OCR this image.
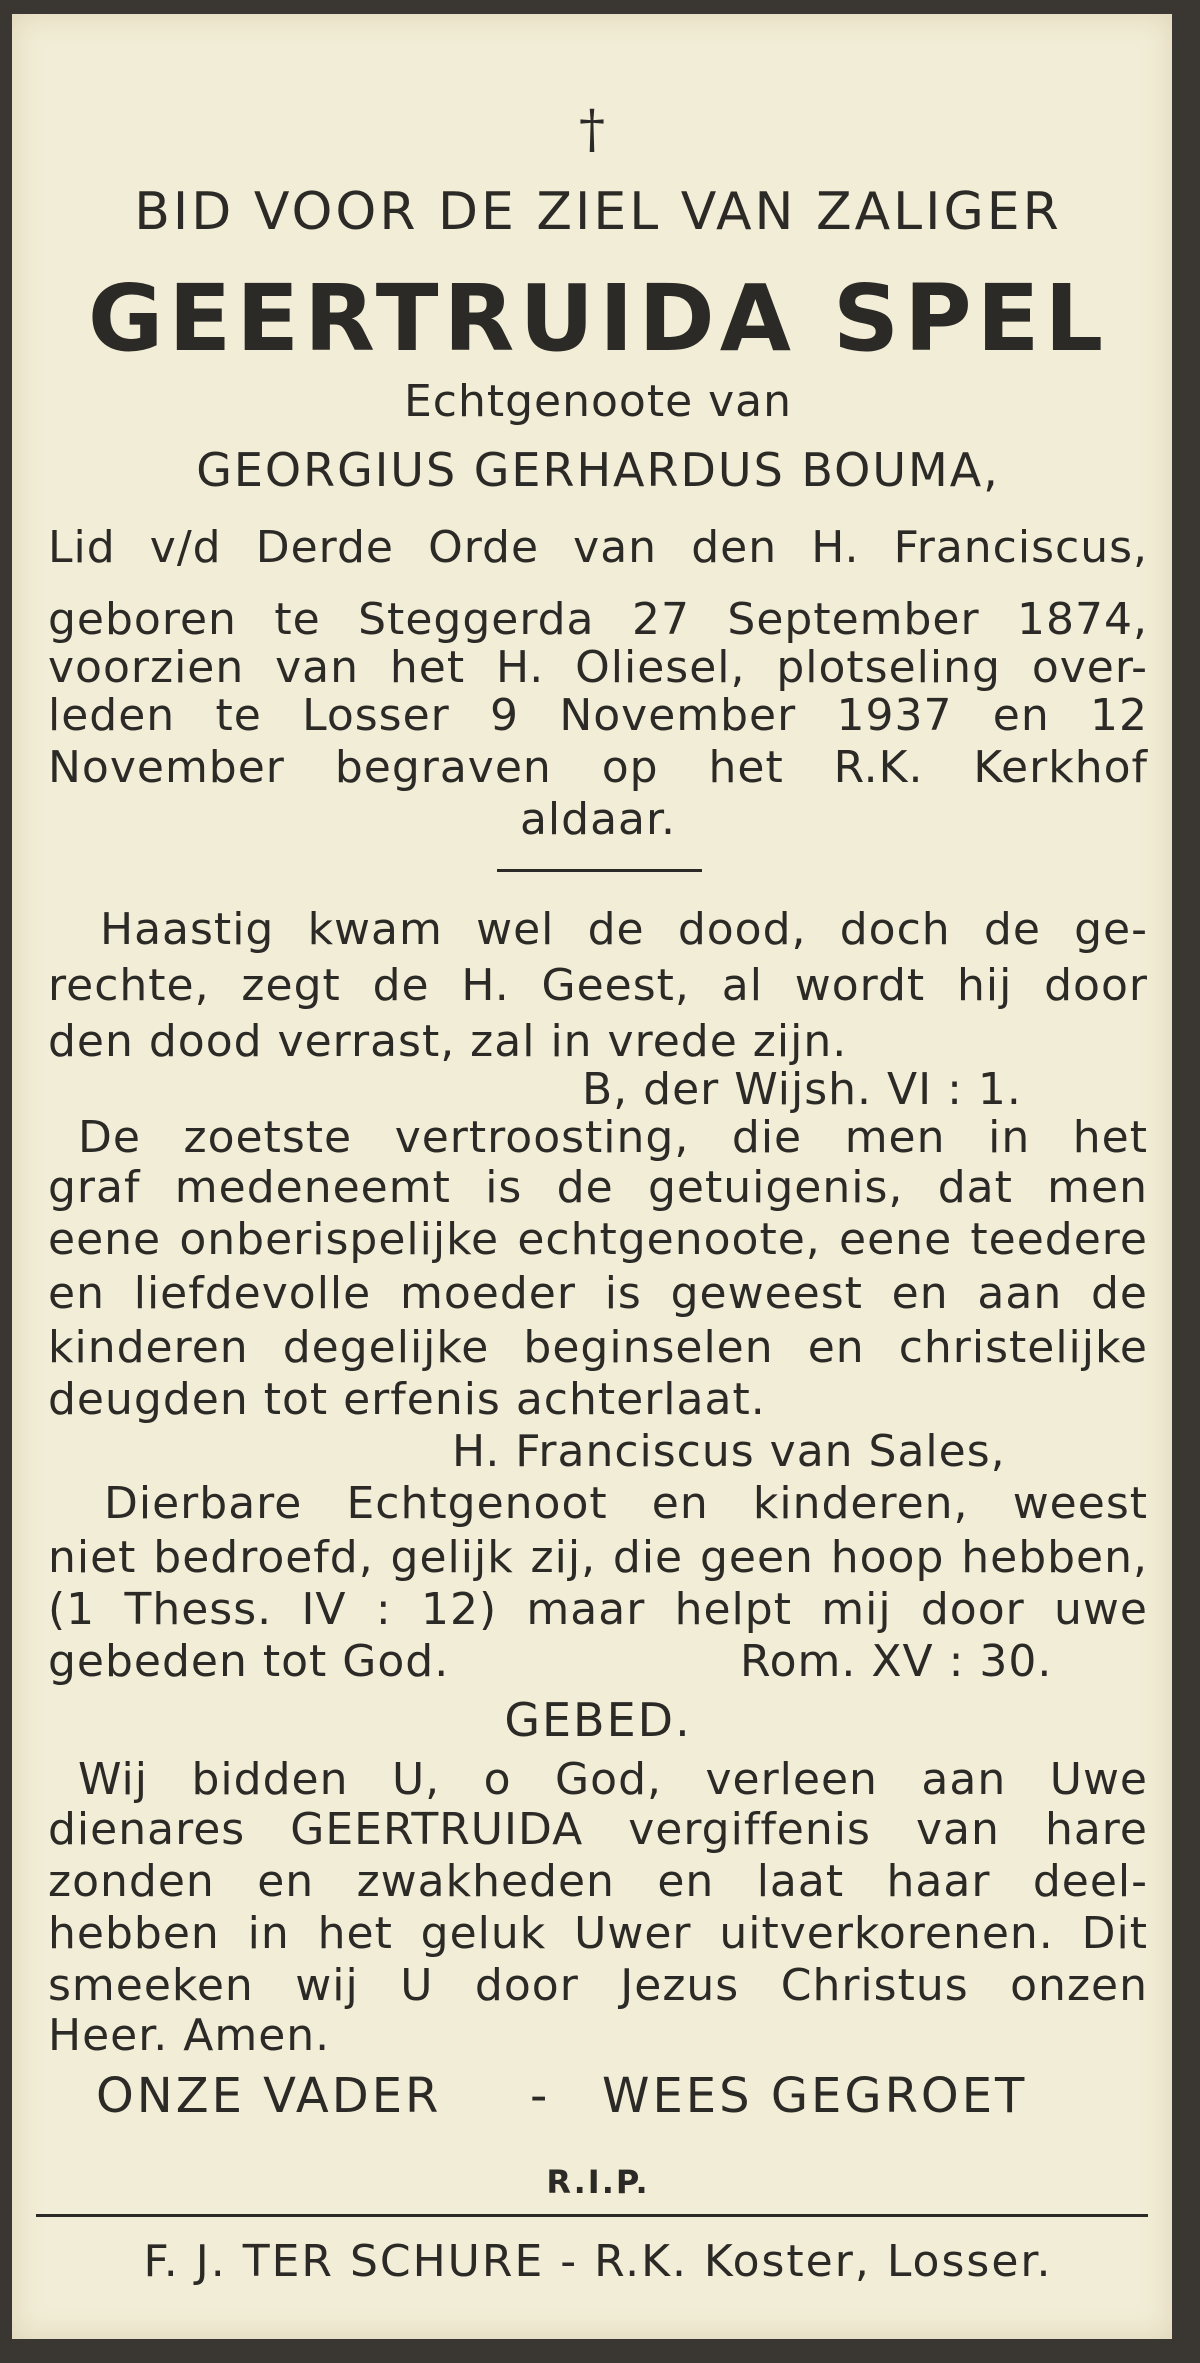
†
BID VOOR DE ZIEL VAN ZALIGER
GEERTRUIDA SPEL
Echtgenoote van
GEORGIUS GERHARDUS BOUMA,
Lid v/d Derde Orde van den H. Franciscus,
geboren te Steggerda 27 September 1874,
voorzien van het H. Oliesel, plotseling over-
leden te Losser 9 November 1937 en 12
November begraven op het R.K. Kerkhof
aldaar.
Haastig kwam wel de dood, doch de ge-
rechte, zegt de H. Geest, al wordt hij door
den dood verrast, zal in vrede zijn.
B, der Wijsh. VI : 1.
De zoetste vertroosting, die men in het
graf medeneemt is de getuigenis, dat men
eene onberispelijke echtgenoote, eene teedere
en liefdevolle moeder is geweest en aan de
kinderen degelijke beginselen en christelijke
deugden tot erfenis achterlaat.
H. Franciscus van Sales,
Dierbare Echtgenoot en kinderen, weest
niet bedroefd, gelijk zij, die geen hoop hebben,
(1 Thess. IV : 12) maar helpt mij door uwe
gebeden tot God.	Rom. XV : 30.
GEBED.
Wij bidden U, o God, verleen aan Uwe
dienares GEERTRUIDA vergiffenis van hare
zonden en zwakheden en laat haar deel-
hebben in het geluk Uwer uitverkorenen. Dit
smeeken wij U door Jezus Christus onzen
Heer. Amen.
ONZE VADER	-	WEES GEGROET
R.I.P.
F. J. TER SCHURE - R.K. Koster, Losser.
